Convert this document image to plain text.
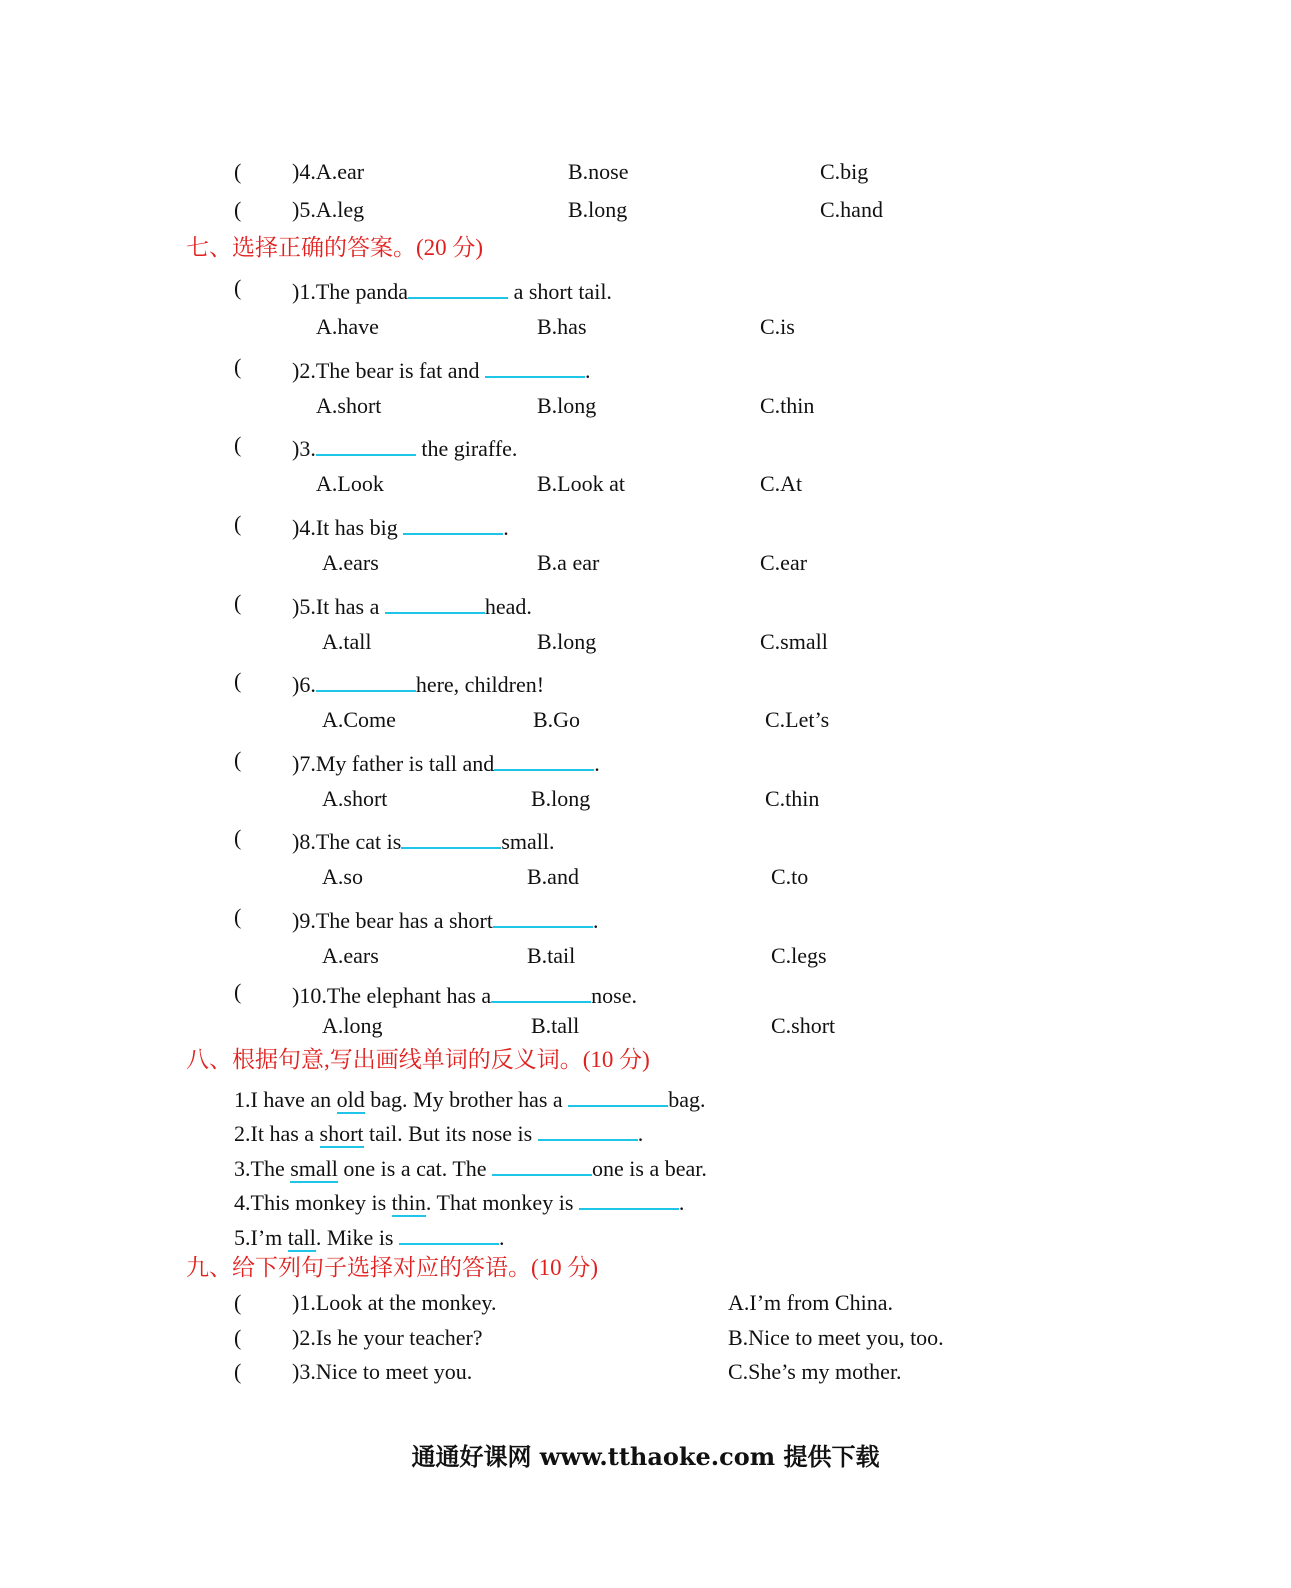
( )4.A.ear	B.nose	C.big
( )5.A.leg	B.long	C.hand
七、选择正确的答案。(20 分)
( )1.The panda	a short tail.
A.have	B.has	C.is
( )2.The bear is fat and	.
A.short	B.long	C.thin
( )3.	the giraffe.
A.Look	B.Look at	C.At
( )4.It has big	.
A.ears	B.a ear	C.ear
( )5.It has a	head.
A.tall	B.long	C.small
( )6.	here, children!
A.Come	B.Go	C.Let’s
( )7.My father is tall and	.
A.short	B.long	C.thin
( )8.The cat is	small.
A.so	B.and	C.to
( )9.The bear has a short	.
A.ears	B.tail	C.legs
( )10.The elephant has a	nose.
A.long	B.tall	C.short
八、根据句意,写出画线单词的反义词。(10 分)
1.I have an old bag. My brother has a	bag.
2.It has a short tail. But its nose is	.
3.The small one is a cat. The	one is a bear.
4.This monkey is thin. That monkey is	.
5.I’m tall. Mike is	.
九、给下列句子选择对应的答语。(10 分)
( )1.Look at the monkey.	A.I’m from China.
( )2.Is he your teacher?	B.Nice to meet you, too.
( )3.Nice to meet you.	C.She’s my mother.
通通好课网 www.tthaoke.com 提供下载
